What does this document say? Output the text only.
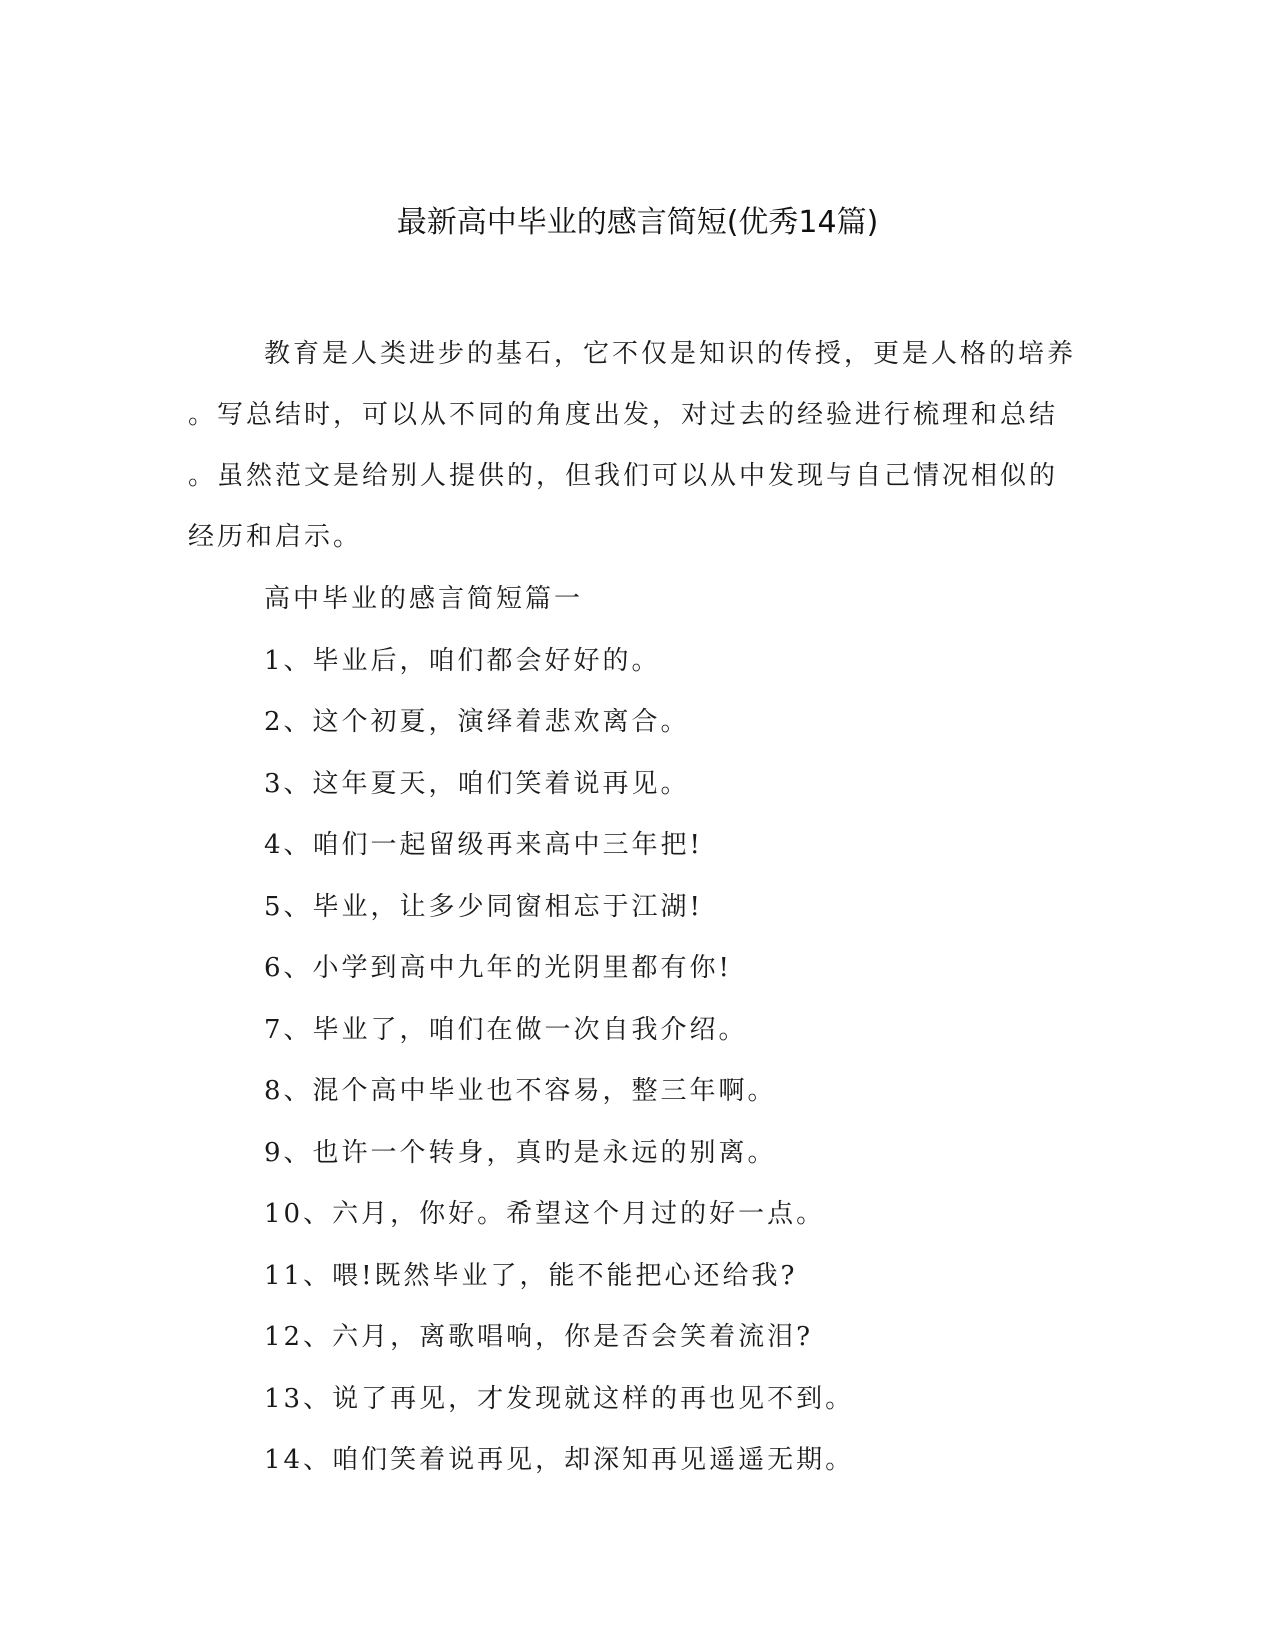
最新高中毕业的感言简短(优秀14篇)
教育是人类进步的基石，它不仅是知识的传授，更是人格的培养
。写总结时，可以从不同的角度出发，对过去的经验进行梳理和总结
。虽然范文是给别人提供的，但我们可以从中发现与自己情况相似的
经历和启示。
高中毕业的感言简短篇一
1、毕业后，咱们都会好好的。
2、这个初夏，演绎着悲欢离合。
3、这年夏天，咱们笑着说再见。
4、咱们一起留级再来高中三年把!
5、毕业，让多少同窗相忘于江湖!
6、小学到高中九年的光阴里都有你!
7、毕业了，咱们在做一次自我介绍。
8、混个高中毕业也不容易，整三年啊。
9、也许一个转身，真旳是永远的别离。
10、六月，你好。希望这个月过的好一点。
11、喂!既然毕业了，能不能把心还给我?
12、六月，离歌唱响，你是否会笑着流泪?
13、说了再见，才发现就这样的再也见不到。
14、咱们笑着说再见，却深知再见遥遥无期。
